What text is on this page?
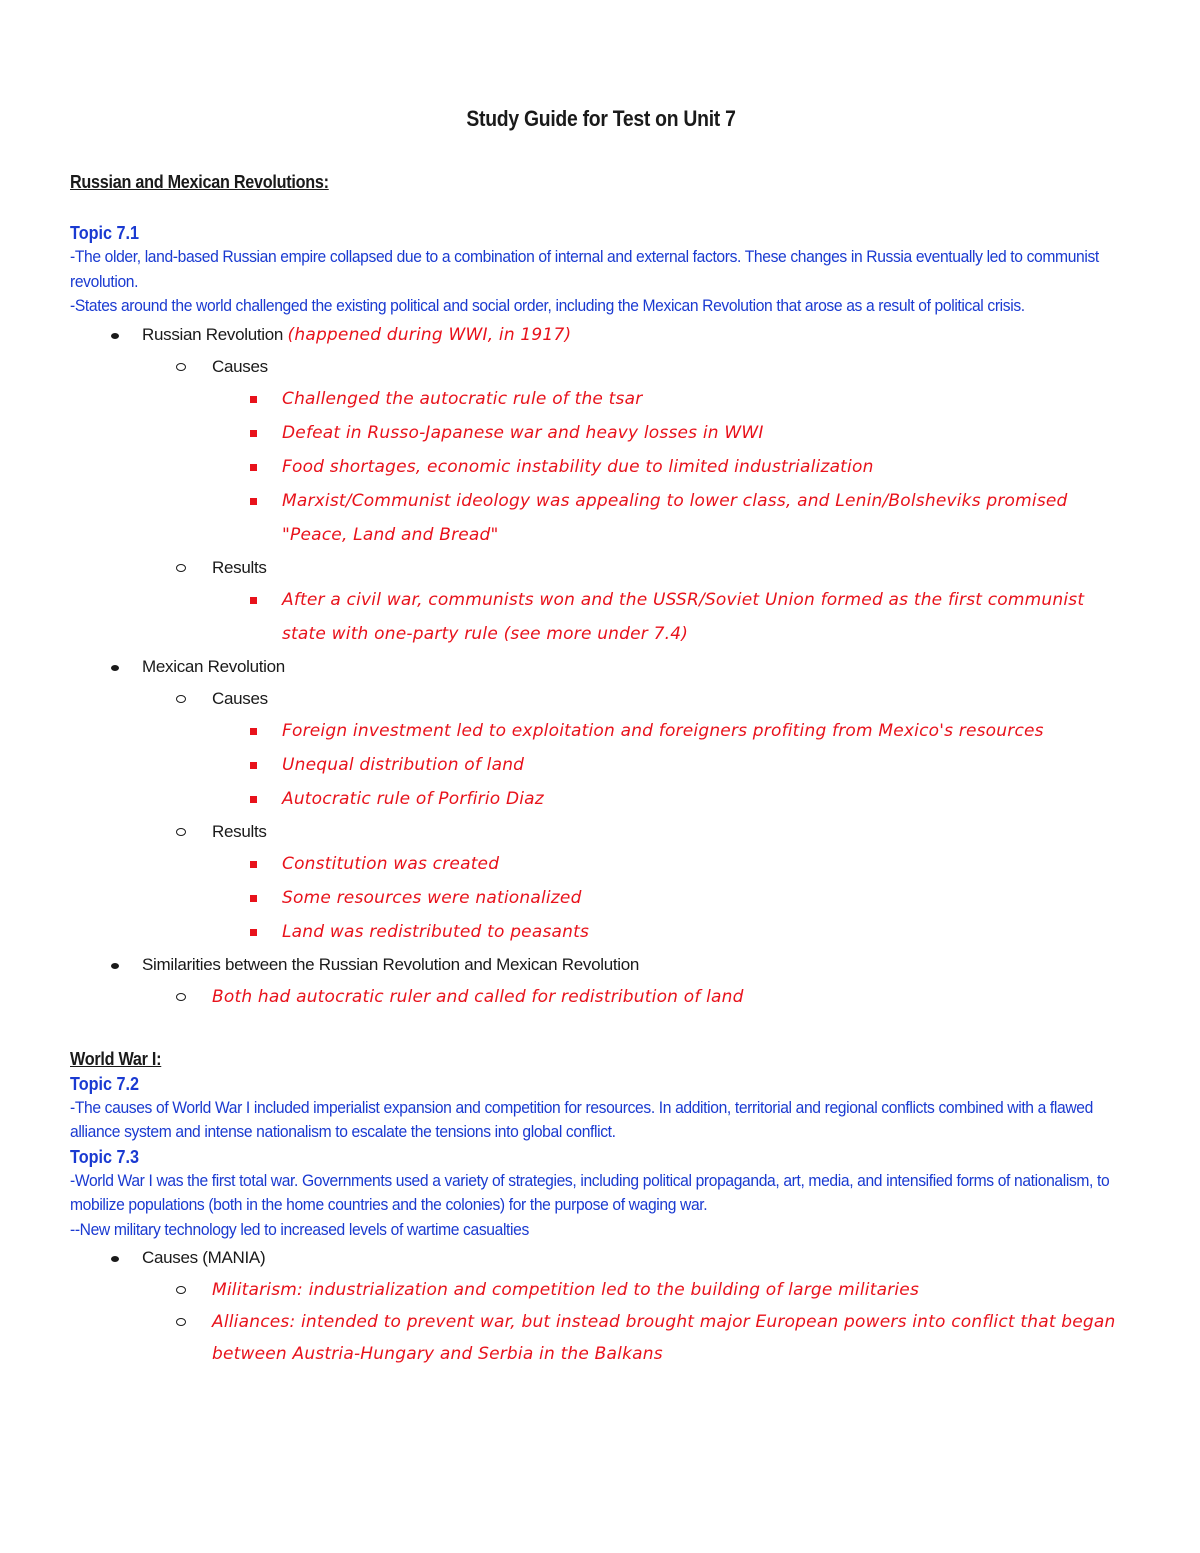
Study Guide for Test on Unit 7
Russian and Mexican Revolutions:
Topic 7.1

-The older, land-based Russian empire collapsed due to a combination of internal and external factors. These changes in Russia eventually led to communist revolution.

-States around the world challenged the existing political and social order, including the Mexican Revolution that arose as a result of political crisis.

Russian Revolution (happened during WWI, in 1917)
Causes
Challenged the autocratic rule of the tsar
Defeat in Russo-Japanese war and heavy losses in WWI
Food shortages, economic instability due to limited industrialization
Marxist/Communist ideology was appealing to lower class, and Lenin/Bolsheviks promised "Peace, Land and Bread"
Results
After a civil war, communists won and the USSR/Soviet Union formed as the first communist state with one-party rule (see more under 7.4)
Mexican Revolution
Causes
Foreign investment led to exploitation and foreigners profiting from Mexico's resources
Unequal distribution of land
Autocratic rule of Porfirio Diaz
Results
Constitution was created
Some resources were nationalized
Land was redistributed to peasants
Similarities between the Russian Revolution and Mexican Revolution
Both had autocratic ruler and called for redistribution of land
World War I:
Topic 7.2

-The causes of World War I included imperialist expansion and competition for resources. In addition, territorial and regional conflicts combined with a flawed alliance system and intense nationalism to escalate the tensions into global conflict.

Topic 7.3

-World War I was the first total war. Governments used a variety of strategies, including political propaganda, art, media, and intensified forms of nationalism, to mobilize populations (both in the home countries and the colonies) for the purpose of waging war.

--New military technology led to increased levels of wartime casualties

Causes (MANIA)
Militarism: industrialization and competition led to the building of large militaries
Alliances: intended to prevent war, but instead brought major European powers into conflict that began between Austria-Hungary and Serbia in the Balkans
